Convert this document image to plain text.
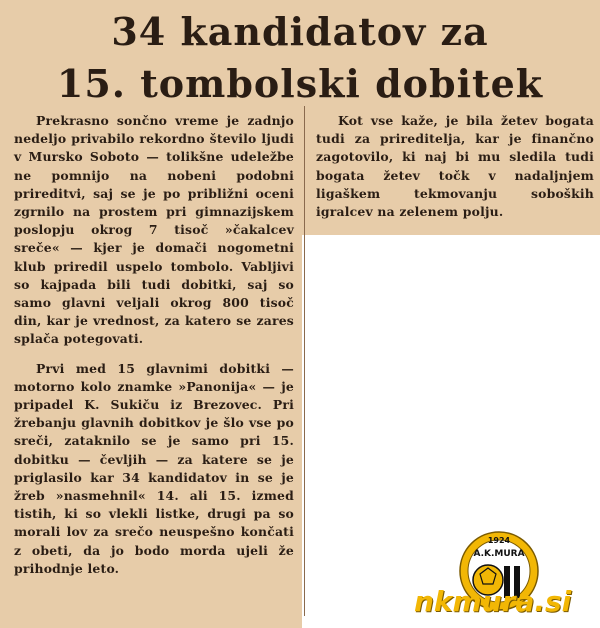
34 kandidatov za
15. tombolski dobitek

Prekrasno sončno vreme je zadnjo nedeljo privabilo rekordno število ljudi v Mursko Soboto — tolikšne udeležbe ne pomnijo na nobeni podobni prireditvi, saj se je po približni oceni zgrnilo na prostem pri gimnazijskem poslopju okrog 7 tisoč »čakalcev sreče« — kjer je domači nogometni klub priredil uspelo tombolo. Vabljivi so kajpada bili tudi dobitki, saj so samo glavni veljali okrog 800 tisoč din, kar je vrednost, za katero se zares splača potegovati.

Prvi med 15 glavnimi dobitki — motorno kolo znamke »Panonija« — je pripadel K. Sukiču iz Brezovec. Pri žrebanju glavnih dobitkov je šlo vse po sreči, zataknilo se je samo pri 15. dobitku — čevljih — za katere se je priglasilo kar 34 kandidatov in se je žreb »nasmehnil« 14. ali 15. izmed tistih, ki so vlekli listke, drugi pa so morali lov za srečo neuspešno končati z obeti, da jo bodo morda ujeli že prihodnje leto.

Kot vse kaže, je bila žetev bogata tudi za prireditelja, kar je finančno zagotovilo, ki naj bi mu sledila tudi bogata žetev točk v nadaljnjem ligaškem tekmovanju soboških igralcev na zelenem polju.

1924
A.K.MURA
nkmura.si
